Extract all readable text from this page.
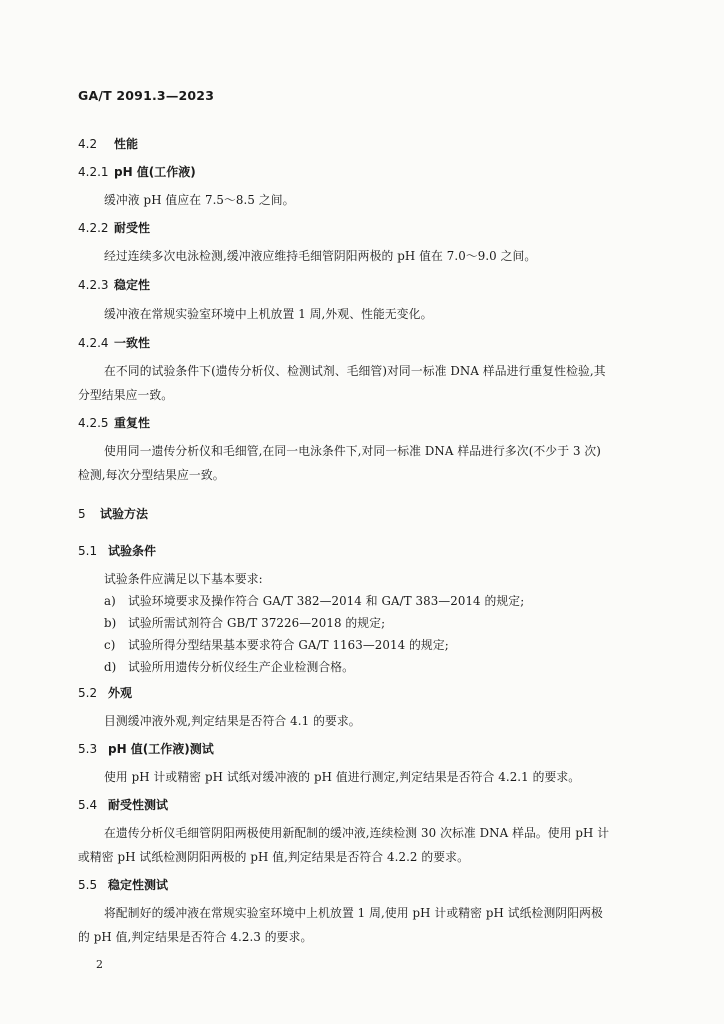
GA/T 2091.3—2023
4.2 性能
4.2.1 pH 值(工作液)
缓冲液 pH 值应在 7.5～8.5 之间。
4.2.2 耐受性
经过连续多次电泳检测,缓冲液应维持毛细管阴阳两极的 pH 值在 7.0～9.0 之间。
4.2.3 稳定性
缓冲液在常规实验室环境中上机放置 1 周,外观、性能无变化。
4.2.4 一致性
在不同的试验条件下(遗传分析仪、检测试剂、毛细管)对同一标准 DNA 样品进行重复性检验,其
分型结果应一致。
4.2.5 重复性
使用同一遗传分析仪和毛细管,在同一电泳条件下,对同一标准 DNA 样品进行多次(不少于 3 次)
检测,每次分型结果应一致。
5 试验方法
5.1 试验条件
试验条件应满足以下基本要求:
a) 试验环境要求及操作符合 GA/T 382—2014 和 GA/T 383—2014 的规定;
b) 试验所需试剂符合 GB/T 37226—2018 的规定;
c) 试验所得分型结果基本要求符合 GA/T 1163—2014 的规定;
d) 试验所用遗传分析仪经生产企业检测合格。
5.2 外观
目测缓冲液外观,判定结果是否符合 4.1 的要求。
5.3 pH 值(工作液)测试
使用 pH 计或精密 pH 试纸对缓冲液的 pH 值进行测定,判定结果是否符合 4.2.1 的要求。
5.4 耐受性测试
在遗传分析仪毛细管阴阳两极使用新配制的缓冲液,连续检测 30 次标准 DNA 样品。使用 pH 计
或精密 pH 试纸检测阴阳两极的 pH 值,判定结果是否符合 4.2.2 的要求。
5.5 稳定性测试
将配制好的缓冲液在常规实验室环境中上机放置 1 周,使用 pH 计或精密 pH 试纸检测阴阳两极
的 pH 值,判定结果是否符合 4.2.3 的要求。
2
